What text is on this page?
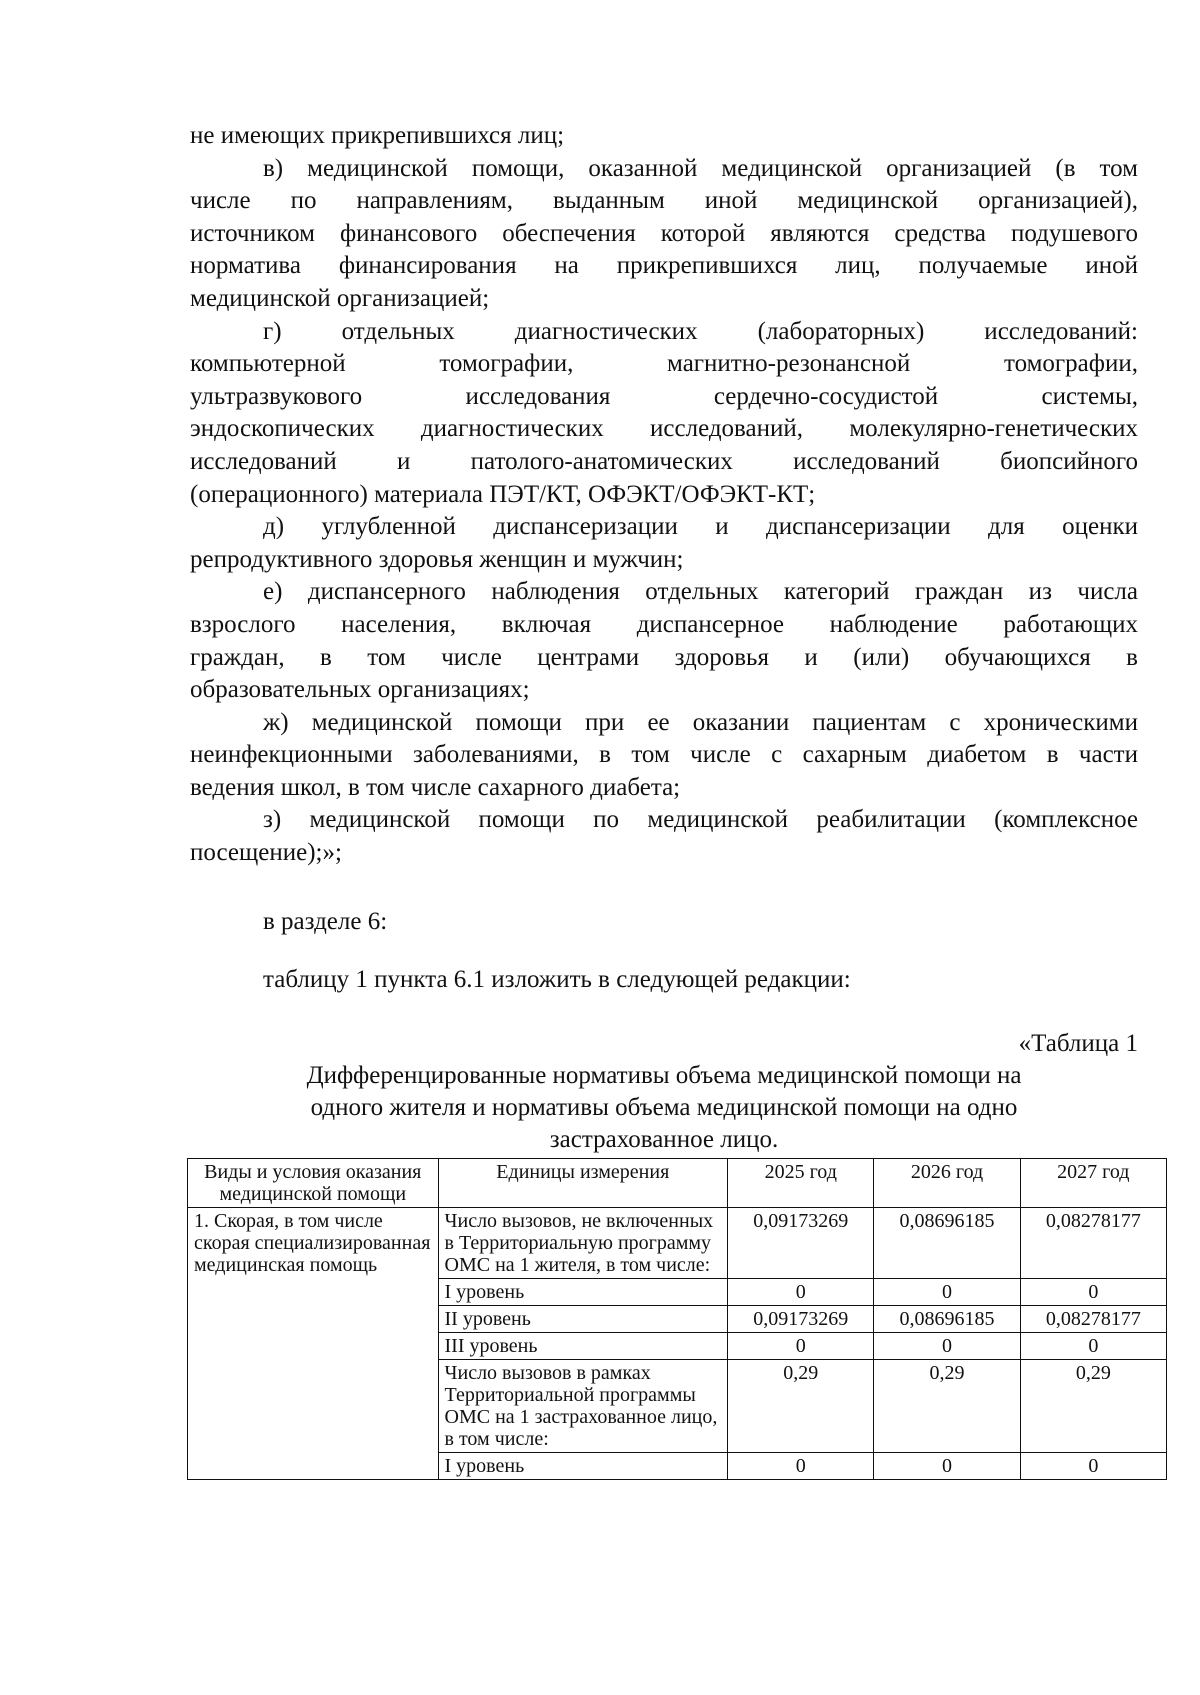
не имеющих прикрепившихся лиц;

в) медицинской помощи, оказанной медицинской организацией (в том
числе по направлениям, выданным иной медицинской организацией),
источником финансового обеспечения которой являются средства подушевого
норматива финансирования на прикрепившихся лиц, получаемые иной
медицинской организацией;

г) отдельных диагностических (лабораторных) исследований:
компьютерной томографии, магнитно-резонансной томографии,
ультразвукового исследования сердечно-сосудистой системы,
эндоскопических диагностических исследований, молекулярно-генетических
исследований и патолого-анатомических исследований биопсийного
(операционного) материала ПЭТ/КТ, ОФЭКТ/ОФЭКТ-КТ;

д) углубленной диспансеризации и диспансеризации для оценки
репродуктивного здоровья женщин и мужчин;

е) диспансерного наблюдения отдельных категорий граждан из числа
взрослого населения, включая диспансерное наблюдение работающих
граждан, в том числе центрами здоровья и (или) обучающихся в
образовательных организациях;

ж) медицинской помощи при ее оказании пациентам с хроническими
неинфекционными заболеваниями, в том числе с сахарным диабетом в части
ведения школ, в том числе сахарного диабета;

з) медицинской помощи по медицинской реабилитации (комплексное
посещение);»;

в разделе 6:
таблицу 1 пункта 6.1 изложить в следующей редакции:
«Таблица 1
Дифференцированные нормативы объема медицинской помощи на
одного жителя и нормативы объема медицинской помощи на одно
застрахованное лицо.
Виды и условия оказания медицинской помощи	Единицы измерения	2025 год	2026 год	2027 год
1. Скорая, в том числе скорая специализированная медицинская помощь	Число вызовов, не включенных в Территориальную программу ОМС на 1 жителя, в том числе:	0,09173269	0,08696185	0,08278177
	I уровень	0	0	0
	II уровень	0,09173269	0,08696185	0,08278177
	III уровень	0	0	0
	Число вызовов в рамках Территориальной программы ОМС на 1 застрахованное лицо, в том числе:	0,29	0,29	0,29
	I уровень	0	0	0
